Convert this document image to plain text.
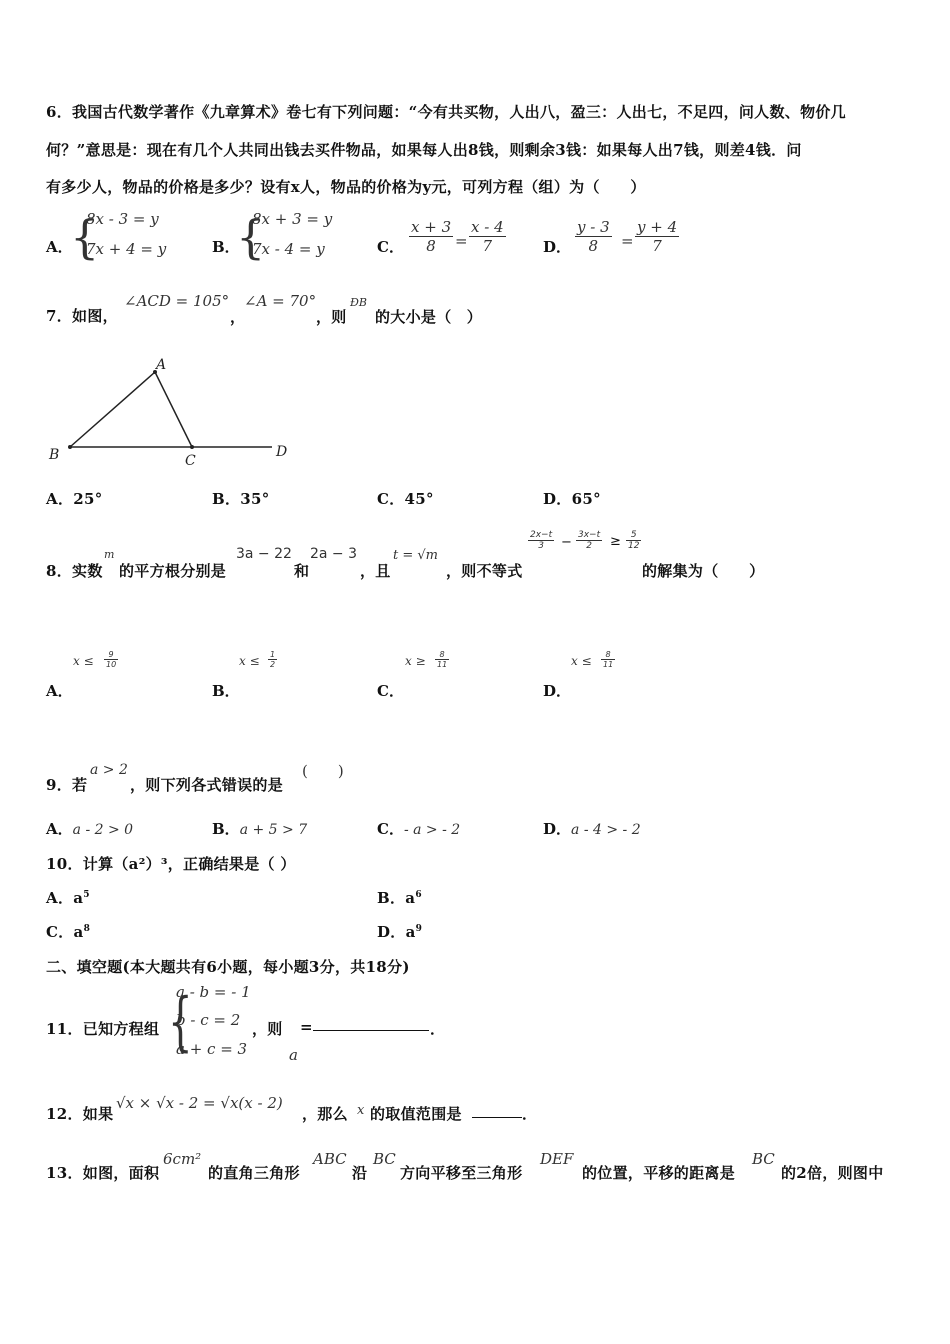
6．我国古代数学著作《九章算术》卷七有下列问题：“今有共买物，人出八，盈三：人出七，不足四，问人数、物价几
何？”意思是：现在有几个人共同出钱去买件物品，如果每人出8钱，则剩余3钱：如果每人出7钱，则差4钱．问
有多少人，物品的价格是多少？设有x人，物品的价格为y元，可列方程（组）为（　　）
A．
{
8x - 3 = y
7x + 4 = y	B．
{
8x + 3 = y
7x - 4 = y	C． $\frac{x + 3}{8} = \frac{x - 4}{7}$ D． $\frac{y - 3}{8} = \frac{y + 4}{7}$
7．如图，
∠ACD = 105°
，
∠A = 70°
，则
ÐB
的大小是（　）
A
B	C
D
A．25°	B．35°	C．45°	D．65°
8．实数
m
的平方根分别是
3a − 22
和
2a − 3
，且
t = √m
，则不等式
$\frac{2x-t}{3} - \frac{3x-t}{2} \ge \frac{5}{12}$
的解集为（　　）
A．
$x \le \frac{9}{10}$
B．
$x \le \frac{1}{2}$
C．
$x \ge \frac{8}{11}$
D．
$x \le \frac{8}{11}$
9．若
a > 2
，则下列各式错误的是
(　　)
A．a - 2 > 0	B．a + 5 > 7	C．- a > - 2	D．a - 4 > - 2
10．计算（a²）³，正确结果是（ ）
A．$a^5$	B．$a^6$
C．$a^8$	D．$a^9$
二、填空题(本大题共有6小题，每小题3分，共18分)
11．已知方程组 {
a - b = - 1
b - c = 2
a + c = 3
，则
a
=	．
12．如果
√x × √x - 2 = √x(x - 2)
，那么 x 的取值范围是	．
13．如图，面积
6cm²
的直角三角形
ABC
沿
BC
方向平移至三角形
DEF
的位置，平移的距离是
BC
的2倍，则图中
